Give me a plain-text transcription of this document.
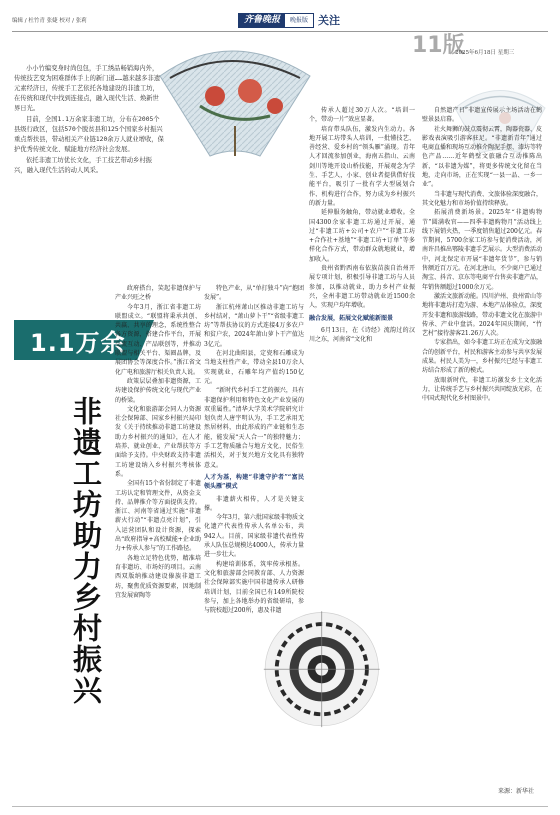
编辑 / 杜竹青 张婕 校对 / 张莉	齐鲁晚报	晚报版 关注
11版
2025年6月18日 星期三

小小竹编变身时尚包包，手工绣品畅销海内外，传统技艺变为困难群体手上的新门道……越来越多非遗元素经济日，传统手工艺依托各地建设的非遗工坊，在传统和现代中找到连接点，融入现代生活、焕新世界日光。

目前，全国1.1万余家非遗工坊，分布在2005个县级行政区，包括570个脱贫县和125个国家乡村振兴重点帮扶县，带动相关产业链120余万人就业增收，保护优秀传统文化、赋能地方经济社会发展。

依托非遗工坊优长文化，手工技艺带动乡村振兴，融入现代生活的动人风采。

1.1万余
非遗工坊助力乡村振兴

政府搭台，笑起非遗保护与产业兴旺之桥

今年3月，浙江省非遗工坊联盟成立。“联盟将秉承共创、共赢、共享的理念，系统性整合各方资源，搭建合作平台，开展交流互动、产品联创等，并推动联盟与相关平台、渠圈品牌，及展团协会等深度合作。”浙江省文化广电和旅游厅相关负责人说。

政策层层叠加非遗资源，工坊建设保护传统文化与现代产业的桥梁。

文化和旅游部会同人力资源社会保障部、国家乡村振兴局印发《关于持续推动非遗工坊建设助力乡村振兴的通知》，在人才培养、就业创业、产业帮扶等方面给予支持。中央财政支持非遗工坊建设纳入乡村振兴考核体系。

全国有15个省份制定了非遗工坊认定和管理文件，从资金支持、品牌推介等方面提供支持。浙江、河南等省通过实施“非遗薪火行动”“非遗点亮计划”，引入运营团队和设计资源，探索出“政府指导+高校赋能+企业助力+传承人参与”的工作路径。

各地立足特色优势，精准培育非遗坊、市场好的项目。云南西双版纳推动建设傣族非遗工坊，聚焦优质资源要素，因地制宜发展窗陶等

特色产业，从“单打独斗”向“抱团发展”。

浙江杭州萧山区推动非遗工坊与乡村结对，“萧山萝卜干”“省级非遗工坊”等帮扶协议的方式连接4万多农户和贫户农，2024年萧山萝卜干产值达3亿元。

在河北曲阳县，定瓷和石雕成为当地支柱性产业，带动全县10万余人实现就业，石雕年均产值约150亿元。

“新时代乡村手工艺的振兴，具有非遗保护利用和特色文化产业发展的双重属性。”清华大学美术学院研究计划负责人唐宇明认为，手工艺承用无然居材料，由此形成的产业链和生态能，能发展“天人合一”的独特魅力；手工艺物质融合与地方文化，民俗生活相关，对于复兴地方文化具有独特意义。

人才为基，构建“非遗守护者”“富民领头雁”模式

非遗薪火相传，人才是关键支撑。

今年3月，第六批国家级非物质文化遗产代表性传承人名单公布，共942人。目前，国家级非遗代表性传承人队伍总规模达4000人，传承力量进一步壮大。

构建培训体系，筑牢传承根基。文化和旅游部会同教育部、人力资源社会保障部实施中国非遗传承人研修培训计划，目前全国已有149所院校参与，加上各地举办的省级研培，参与院校超过200所，惠及非遗

传承人超过30万人次。“培训一个，带动一片”效应显著。

培育带头队伍，激发内生动力。各地开展工坊带头人培训，一批懂技艺、善经营、爱乡村的“领头雁”涌现。青年人才回流参加创业，海南五指山、云南剑川等地开设山桥技能，开展观念为学生、手艺人，小家、创业者提供借好技能平台，吸引了一批有学大型展划合作、机构进行合作，努力成为乡村振兴的新力量。

延伸服务触角，带动就业增收。全国4300余家非遗工坊通过开展，通过“非遗工坊+公司+农户”“非遗工坊+合作社+基地”“非遗工坊+订单”等多样化合作方式，带动群众就地就业，增加收入。

贵州省黔西南布依族苗族自治州开展专项计划，积极引导非遗工坊与人员参加，以推动就业，助力乡村产业振兴，全州非遗工坊带动就业近1500余人，实现户均年增收。

融合发展，拓展文化赋能新图景

6月13日，在《诗经》流韵过的汉川之东，河南省“文化和

自然遗产日”非遗宣传展示主场活动在鹤壁景县启幕。

社火舞狮的鼓点震彻云霄，陶器瓷器、皮影戏表演吸引游客驻足。“非遗新青年”通过电商直播和现场互动推介陶泥手摆、漆坊等特色产品……近年鹤壁文旅融合互动推陈出新，“以非遗为媒”，将更多传统文化留在当地，走向市场，正在实现“一县一品、一乡一业”。

当非遗与现代消费、文旅体验深度融合，其文化魅力和市场价值持续释放。

拓展消费新场景。2025年“非遗购物节”圆满收官——四季非遗购物月”活动线上线下展销火热，一季度销售超过200亿元。春节期间，5700余家工坊参与促消费活动，河南许昌推出鄂陵非遗手艺展示。大型消费活动中，河北保定市开展“非遗年货节”，参与销售额近百万元。在河北唐山，不少商户已通过淘宝、抖音、京东等电商平台售卖非遗产品，年销售额超过1000余万元。

激活文旅新动能。四川泸州、贵州雷山等地将非遗坊打造为游、本地产品体验点，深度开发非遗和旅游线路，带动非遗文化在旅游中传承、产业中盘活。2024年国庆期间，“竹艺村”接待游客21.26万人次。

专家指出，如今非遗工坊正在成为文旅融合的创新平台，村民和游客主动参与共享发展成果。村民人美为一，乡村振兴已经与非遗工坊结合形成了新的模式。

放眼新时代，非遗工坊激发乡土文化活力，让传统手艺与乡村振兴共同绽放光彩，在中国式现代化乡村图景中。

来源：新华社
